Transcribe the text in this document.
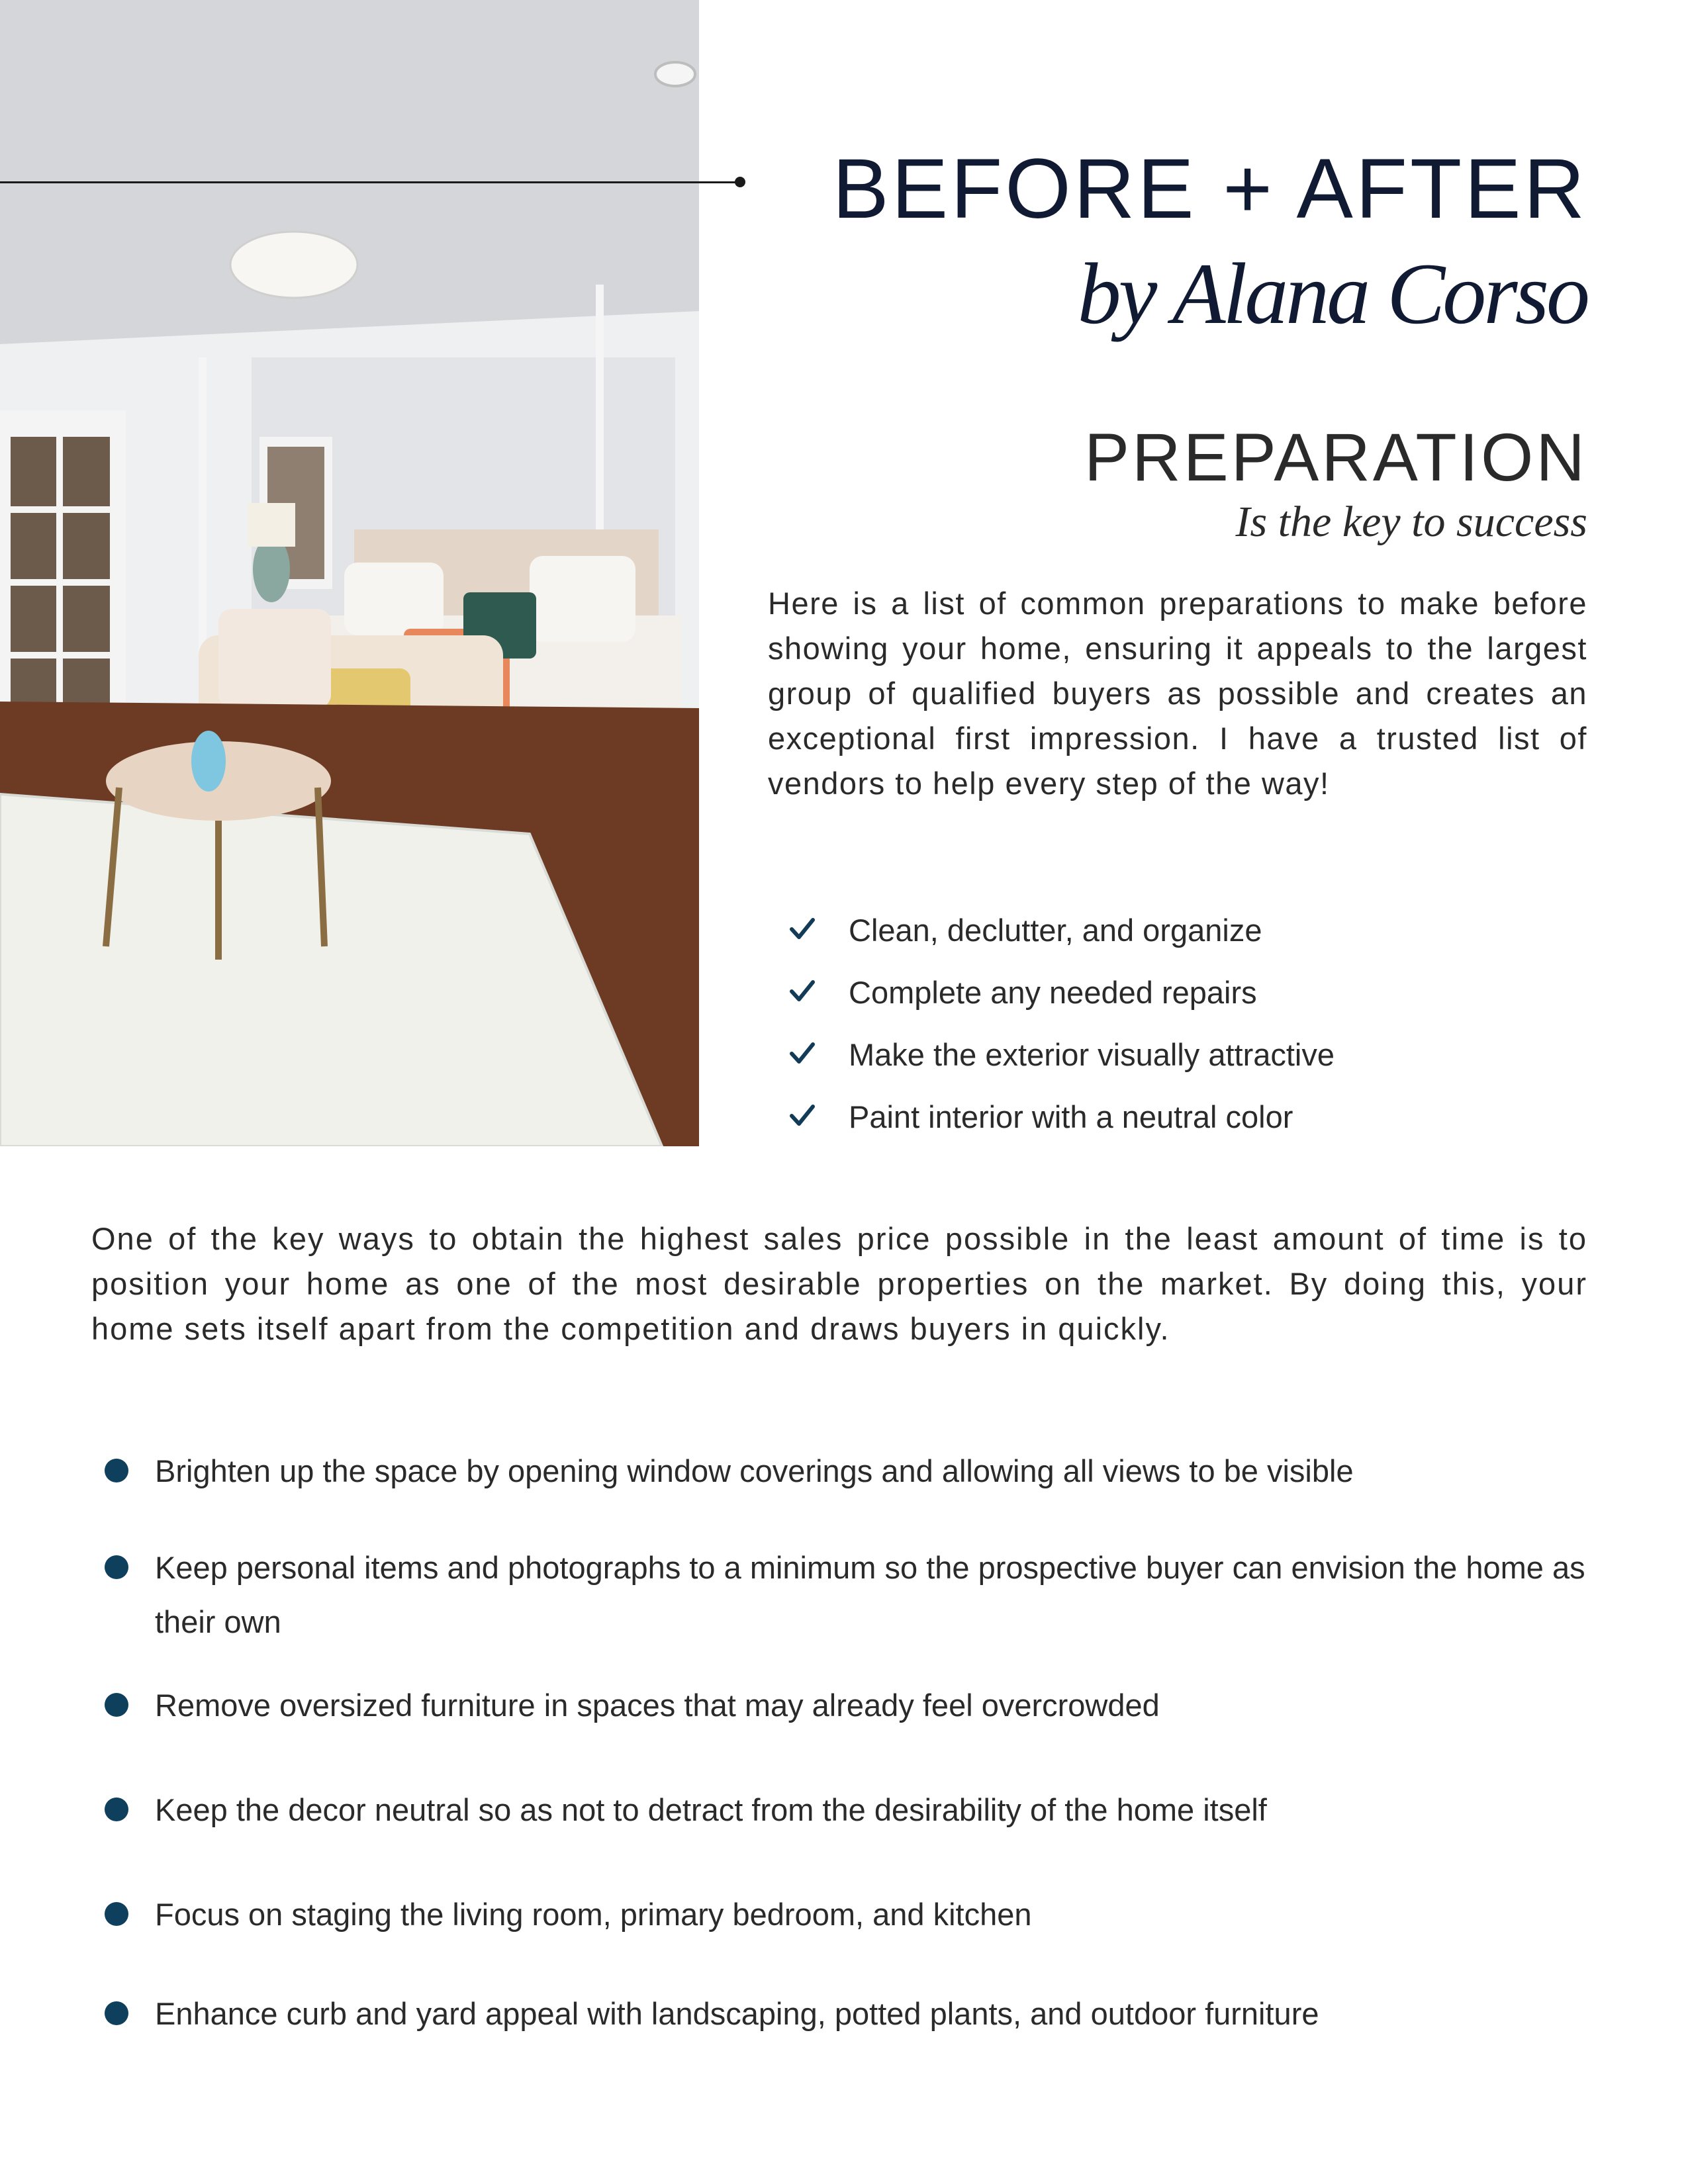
BEFORE + AFTER
by Alana Corso
PREPARATION
Is the key to success

Here is a list of common preparations to make before showing your home, ensuring it appeals to the largest group of qualified buyers as possible and creates an exceptional first impression. I have a trusted list of vendors to help every step of the way!

Clean, declutter, and organize
Complete any needed repairs
Make the exterior visually attractive
Paint interior with a neutral color

One of the key ways to obtain the highest sales price possible in the least amount of time is to position your home as one of the most desirable properties on the market. By doing this, your home sets itself apart from the competition and draws buyers in quickly.

Brighten up the space by opening window coverings and allowing all views to be visible
Keep personal items and photographs to a minimum so the prospective buyer can envision the home as their own
Remove oversized furniture in spaces that may already feel overcrowded
Keep the decor neutral so as not to detract from the desirability of the home itself
Focus on staging the living room, primary bedroom, and kitchen
Enhance curb and yard appeal with landscaping, potted plants, and outdoor furniture
